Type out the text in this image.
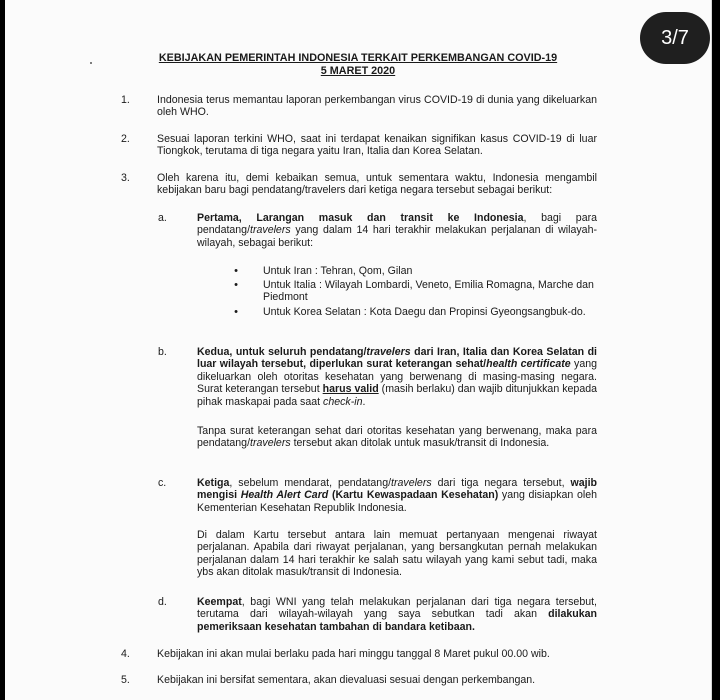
KEBIJAKAN PEMERINTAH INDONESIA TERKAIT PERKEMBANGAN COVID-19
5 MARET 2020
1.	Indonesia terus memantau laporan perkembangan virus COVID-19 di dunia yang dikeluarkan oleh WHO.
2.	Sesuai laporan terkini WHO, saat ini terdapat kenaikan signifikan kasus COVID-19 di luar Tiongkok, terutama di tiga negara yaitu Iran, Italia dan Korea Selatan.
3.	Oleh karena itu, demi kebaikan semua, untuk sementara waktu, Indonesia mengambil kebijakan baru bagi pendatang/travelers dari ketiga negara tersebut sebagai berikut:
a.	Pertama, Larangan masuk dan transit ke Indonesia, bagi para pendatang/travelers yang dalam 14 hari terakhir melakukan perjalanan di wilayah-wilayah, sebagai berikut:
•	Untuk Iran : Tehran, Qom, Gilan
•	Untuk Italia : Wilayah Lombardi, Veneto, Emilia Romagna, Marche dan Piedmont
•	Untuk Korea Selatan : Kota Daegu dan Propinsi Gyeongsangbuk-do.
b.	Kedua, untuk seluruh pendatang/travelers dari Iran, Italia dan Korea Selatan di luar wilayah tersebut, diperlukan surat keterangan sehat/health certificate yang dikeluarkan oleh otoritas kesehatan yang berwenang di masing-masing negara. Surat keterangan tersebut harus valid (masih berlaku) dan wajib ditunjukkan kepada pihak maskapai pada saat check-in.
Tanpa surat keterangan sehat dari otoritas kesehatan yang berwenang, maka para pendatang/travelers tersebut akan ditolak untuk masuk/transit di Indonesia.
c.	Ketiga, sebelum mendarat, pendatang/travelers dari tiga negara tersebut, wajib mengisi Health Alert Card (Kartu Kewaspadaan Kesehatan) yang disiapkan oleh Kementerian Kesehatan Republik Indonesia.
Di dalam Kartu tersebut antara lain memuat pertanyaan mengenai riwayat perjalanan. Apabila dari riwayat perjalanan, yang bersangkutan pernah melakukan perjalanan dalam 14 hari terakhir ke salah satu wilayah yang kami sebut tadi, maka ybs akan ditolak masuk/transit di Indonesia.
d.	Keempat, bagi WNI yang telah melakukan perjalanan dari tiga negara tersebut, terutama dari wilayah-wilayah yang saya sebutkan tadi akan dilakukan pemeriksaan kesehatan tambahan di bandara ketibaan.
4.	Kebijakan ini akan mulai berlaku pada hari minggu tanggal 8 Maret pukul 00.00 wib.
5.	Kebijakan ini bersifat sementara, akan dievaluasi sesuai dengan perkembangan.
3/7
